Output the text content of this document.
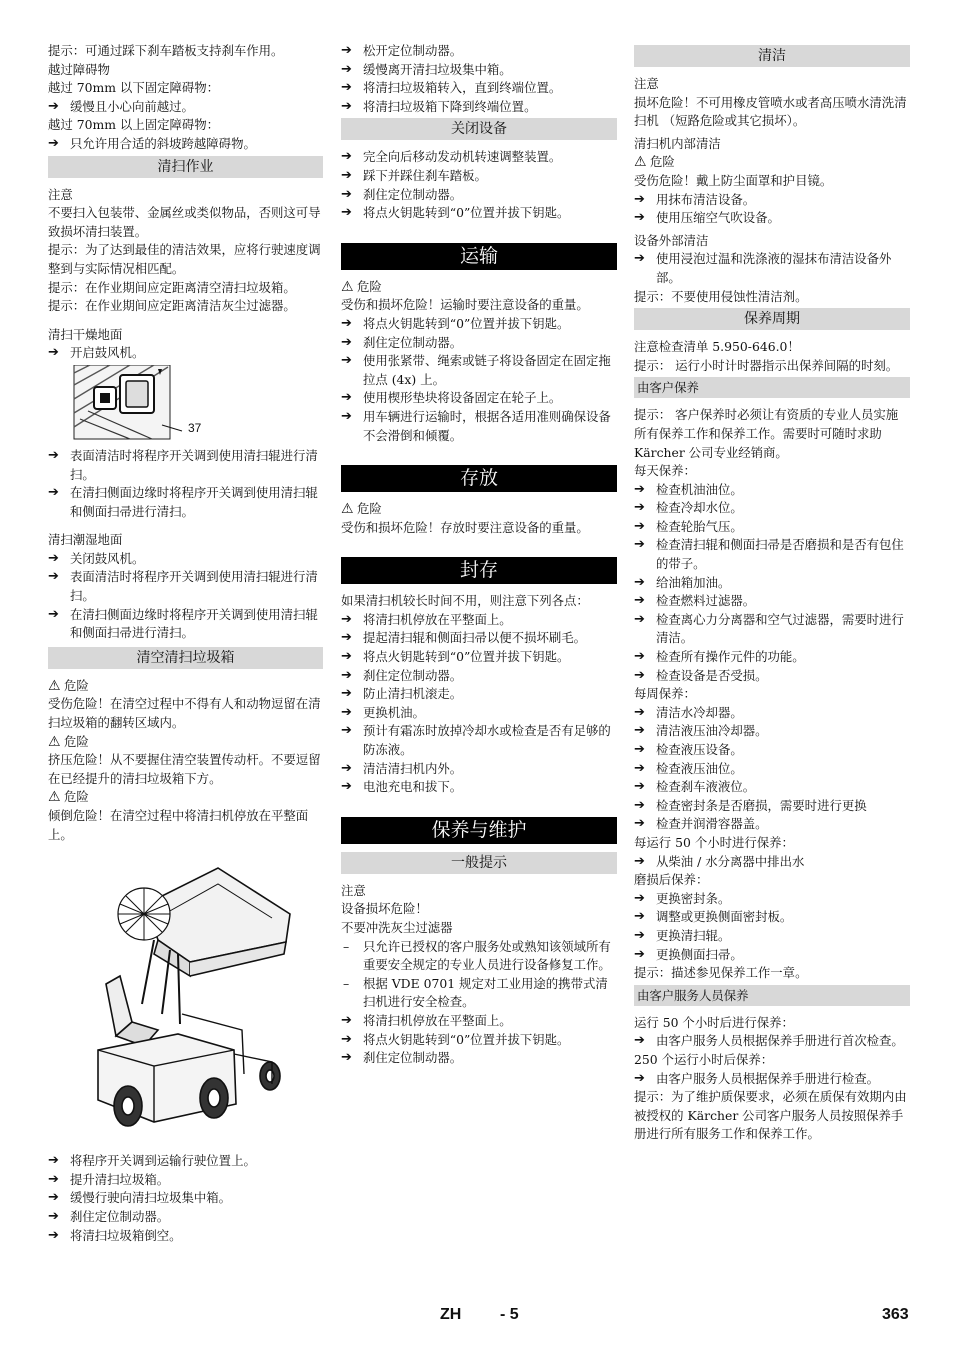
提示：可通过踩下刹车踏板支持刹车作用。

越过障碍物

越过 70mm 以下固定障碍物：

➔ 缓慢且小心向前越过。

越过 70mm 以上固定障碍物：

➔ 只允许用合适的斜坡跨越障碍物。

清扫作业

注意

不要扫入包装带、金属丝或类似物品，否则这可导致损坏清扫装置。

提示：为了达到最佳的清洁效果，应将行驶速度调整到与实际情况相匹配。

提示：在作业期间应定距离清空清扫垃圾箱。

提示：在作业期间应定距离清洁灰尘过滤器。

清扫干燥地面

➔ 开启鼓风机。

37

➔ 表面清洁时将程序开关调到使用清扫辊进行清扫。

➔ 在清扫侧面边缘时将程序开关调到使用清扫辊和侧面扫帚进行清扫。

清扫潮湿地面

➔ 关闭鼓风机。

➔ 表面清洁时将程序开关调到使用清扫辊进行清扫。

➔ 在清扫侧面边缘时将程序开关调到使用清扫辊和侧面扫帚进行清扫。

清空清扫垃圾箱

⚠ 危险

受伤危险！在清空过程中不得有人和动物逗留在清扫垃圾箱的翻转区域内。

⚠ 危险

挤压危险！从不要握住清空装置传动杆。不要逗留在已经提升的清扫垃圾箱下方。

⚠ 危险

倾倒危险！在清空过程中将清扫机停放在平整面上。

➔ 将程序开关调到运输行驶位置上。

➔ 提升清扫垃圾箱。

➔ 缓慢行驶向清扫垃圾集中箱。

➔ 刹住定位制动器。

➔ 将清扫垃圾箱倒空。

➔ 松开定位制动器。

➔ 缓慢离开清扫垃圾集中箱。

➔ 将清扫垃圾箱转入，直到终端位置。

➔ 将清扫垃圾箱下降到终端位置。

关闭设备

➔ 完全向后移动发动机转速调整装置。

➔ 踩下并踩住刹车踏板。

➔ 刹住定位制动器。

➔ 将点火钥匙转到“0”位置并拔下钥匙。

运输

⚠ 危险

受伤和损坏危险！运输时要注意设备的重量。

➔ 将点火钥匙转到“0”位置并拔下钥匙。

➔ 刹住定位制动器。

➔ 使用张紧带、绳索或链子将设备固定在固定拖拉点 (4x) 上。

➔ 使用楔形垫块将设备固定在轮子上。

➔ 用车辆进行运输时，根据各适用准则确保设备不会滑倒和倾覆。

存放

⚠ 危险

受伤和损坏危险！存放时要注意设备的重量。

封存

如果清扫机较长时间不用，则注意下列各点：

➔ 将清扫机停放在平整面上。

➔ 提起清扫辊和侧面扫帚以便不损坏刷毛。

➔ 将点火钥匙转到“0”位置并拔下钥匙。

➔ 刹住定位制动器。

➔ 防止清扫机滚走。

➔ 更换机油。

➔ 预计有霜冻时放掉冷却水或检查是否有足够的防冻液。

➔ 清洁清扫机内外。

➔ 电池充电和拔下。

保养与维护
一般提示

注意

设备损坏危险！

不要冲洗灰尘过滤器

– 只允许已授权的客户服务处或熟知该领域所有重要安全规定的专业人员进行设备修复工作。

– 根据 VDE 0701 规定对工业用途的携带式清扫机进行安全检查。

➔ 将清扫机停放在平整面上。

➔ 将点火钥匙转到“0”位置并拔下钥匙。

➔ 刹住定位制动器。

清洁

注意

损坏危险！不可用橡皮管喷水或者高压喷水清洗清扫机 （短路危险或其它损坏）。

清扫机内部清洁

⚠ 危险

受伤危险！戴上防尘面罩和护目镜。

➔ 用抹布清洁设备。

➔ 使用压缩空气吹设备。

设备外部清洁

➔ 使用浸泡过温和洗涤液的湿抹布清洁设备外部。

提示：不要使用侵蚀性清洁剂。

保养周期

注意检查清单 5.950-646.0！

提示： 运行小时计时器指示出保养间隔的时刻。

由客户保养

提示： 客户保养时必须让有资质的专业人员实施所有保养工作和保养工作。需要时可随时求助 Kärcher 公司专业经销商。

每天保养：

➔ 检查机油油位。

➔ 检查冷却水位。

➔ 检查轮胎气压。

➔ 检查清扫辊和侧面扫帚是否磨损和是否有包住的带子。

➔ 给油箱加油。

➔ 检查燃料过滤器。

➔ 检查离心力分离器和空气过滤器，需要时进行清洁。

➔ 检查所有操作元件的功能。

➔ 检查设备是否受损。

每周保养：

➔ 清洁水冷却器。

➔ 清洁液压油冷却器。

➔ 检查液压设备。

➔ 检查液压油位。

➔ 检查刹车液液位。

➔ 检查密封条是否磨损，需要时进行更换

➔ 检查并润滑容器盖。

每运行 50 个小时进行保养：

➔ 从柴油 / 水分离器中排出水

磨损后保养：

➔ 更换密封条。

➔ 调整或更换侧面密封板。

➔ 更换清扫辊。

➔ 更换侧面扫帚。

提示：描述参见保养工作一章。

由客户服务人员保养

运行 50 个小时后进行保养：

➔ 由客户服务人员根据保养手册进行首次检查。

250 个运行小时后保养：

➔ 由客户服务人员根据保养手册进行检查。

提示：为了维护质保要求，必须在质保有效期内由被授权的 Kärcher 公司客户服务人员按照保养手册进行所有服务工作和保养工作。

ZH - 5	363
